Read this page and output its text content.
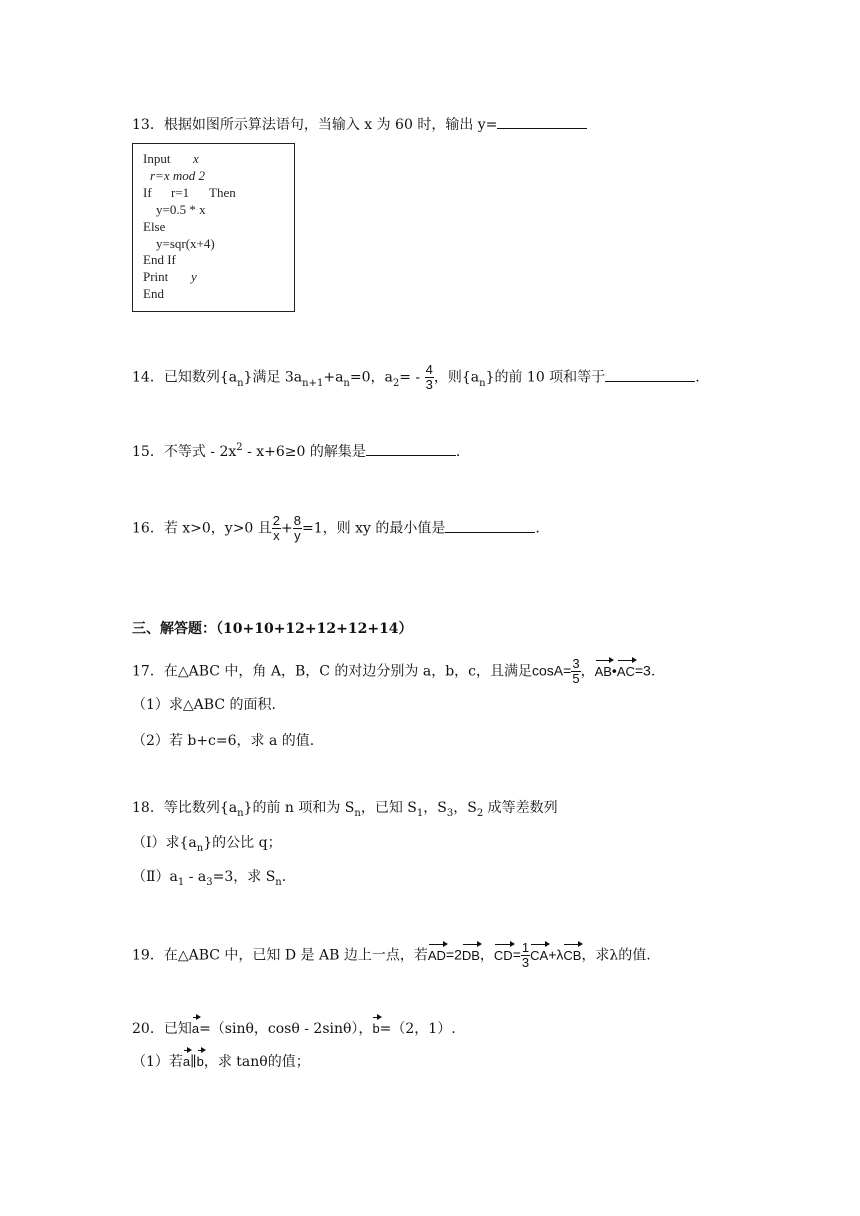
13．根据如图所示算法语句，当输入 x 为 60 时，输出 y=
Input x
r=x mod 2
If r=1 Then
y=0.5 * x
Else
y=sqr(x+4)
End If
Print y
End
14．已知数列$\{a_n\}$满足 $3a_{n+1}+a_n=0$，$a_2= - \frac{4}{3}$ ，则$\{a_n\}$的前 10 项和等于	.
15．不等式 - $2x^2 - x+6\ge 0$ 的解集是	.
16．若 x>0，y>0 且 $\frac{2}{x} + \frac{8}{y} =1$，则 xy 的最小值是	.
三、解答题：（10+10+12+12+12+14）
17．在△ABC 中，角 A，B，C 的对边分别为 a，b，c，且满足$\cos A= \frac{3}{5}$ ，AB•AC=3.
（1）求△ABC 的面积.
（2）若 b+c=6，求 a 的值.
18．等比数列$\{a_n\}$的前 n 项和为 $S_n$，已知 $S_1$，$S_3$，$S_2$ 成等差数列
（Ⅰ）求$\{a_n\}$的公比 q；
$(Ⅱ)a_1 - a_3=3$，求 $S_n$.
19．在△ABC 中，已知 D 是 AB 边上一点，若AD=2DB，$CD= \frac{1}{3} CA+\lambda CB$，求λ的值.
20．已知a=（sinθ，cosθ - 2sinθ），b=（2，1）.
（1）若a∥b，求 tanθ的值；
